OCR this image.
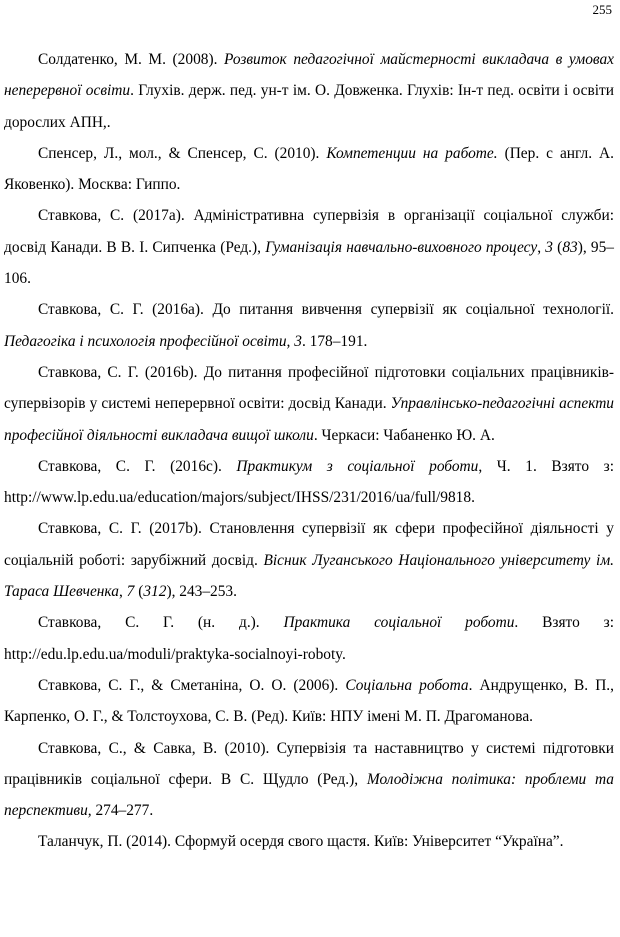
255

Солдатенко, М. М. (2008). Розвиток педагогічної майстерності викладача в умовах неперервної освіти. Глухів. держ. пед. ун-т ім. О. Довженка. Глухів: Ін-т пед. освіти і освіти дорослих АПН,.

Спенсер, Л., мол., & Спенсер, С. (2010). Компетенции на работе. (Пер. с англ. А. Яковенко). Москва: Гиппо.

Ставкова, С. (2017a). Адміністративна супервізія в організації соціальної служби: досвід Канади. В В. І. Сипченка (Ред.), Гуманізація навчально-виховного процесу, 3 (83), 95–106.

Ставкова, С. Г. (2016a). До питання вивчення супервізії як соціальної технології. Педагогіка і психологія професійної освіти, 3. 178–191.

Ставкова, С. Г. (2016b). До питання професійної підготовки соціальних працівників-супервізорів у системі неперервної освіти: досвід Канади. Управлінсько-педагогічні аспекти професійної діяльності викладача вищої школи. Черкаси: Чабаненко Ю. А.

Ставкова, С. Г. (2016c). Практикум з соціальної роботи, Ч. 1. Взято з: http://www.lp.edu.ua/education/majors/subject/IHSS/231/2016/ua/full/9818.

Ставкова, С. Г. (2017b). Становлення супервізії як сфери професійної діяльності у соціальній роботі: зарубіжний досвід. Вісник Луганського Національного університету ім. Тараса Шевченка, 7 (312), 243–253.

Ставкова, С. Г. (н. д.). Практика соціальної роботи. Взято з: http://edu.lp.edu.ua/moduli/praktyka-socialnoyi-roboty.

Ставкова, С. Г., & Сметаніна, О. О. (2006). Соціальна робота. Андрущенко, В. П., Карпенко, О. Г., & Толстоухова, С. В. (Ред). Київ: НПУ імені М. П. Драгоманова.

Ставкова, С., & Савка, В. (2010). Супервізія та наставництво у системі підготовки працівників соціальної сфери. В С. Щудло (Ред.), Молодіжна політика: проблеми та перспективи, 274–277.

Таланчук, П. (2014). Сформуй осердя свого щастя. Київ: Університет “Україна”.
